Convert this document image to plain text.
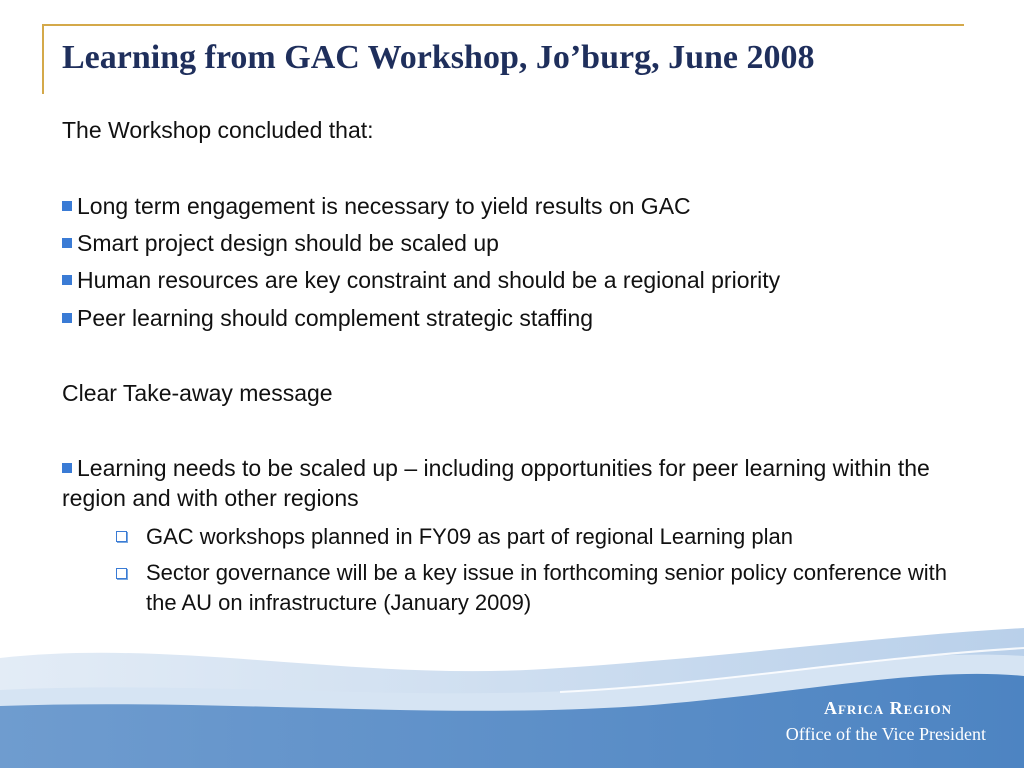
Learning from GAC Workshop, Jo’burg, June 2008
The Workshop concluded that:
Long term engagement is necessary to yield results on GAC
Smart project design should be scaled up
Human resources are key constraint and should be a regional priority
Peer learning should complement strategic staffing
Clear Take-away message
Learning needs to be scaled up – including opportunities for peer learning within the region and with other regions
GAC workshops planned in FY09 as part of regional Learning plan
Sector governance will be a key issue in forthcoming senior policy conference with the AU on infrastructure (January 2009)
Africa Region
Office of the Vice President
